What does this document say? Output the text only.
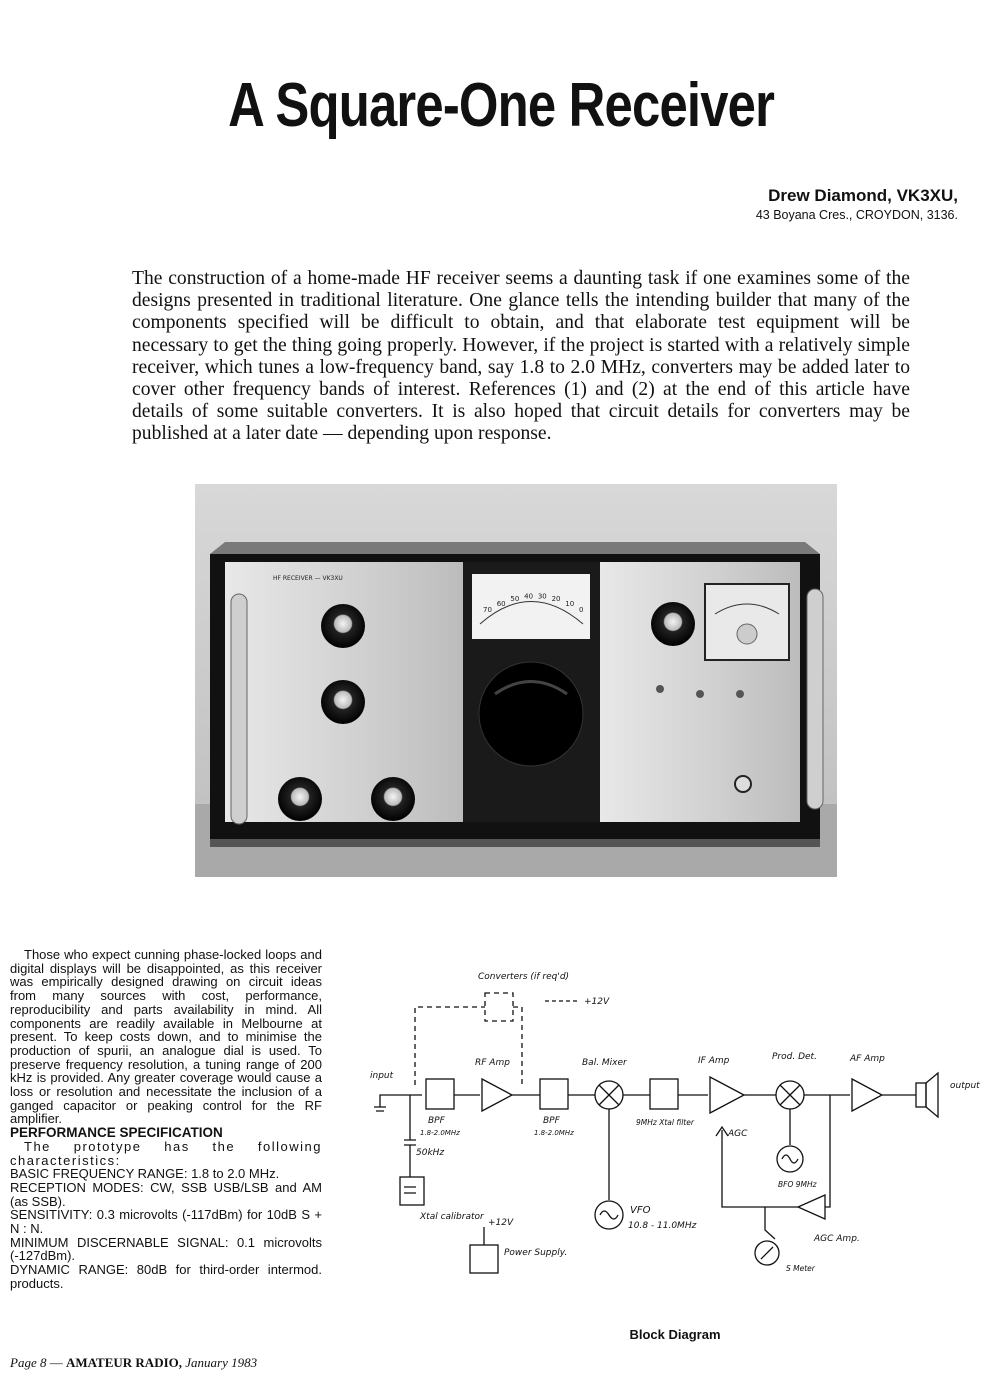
A Square-One Receiver
Drew Diamond, VK3XU,
43 Boyana Cres., CROYDON, 3136.
The construction of a home-made HF receiver seems a daunting task if one examines some of the designs presented in traditional literature. One glance tells the intending builder that many of the components specified will be difficult to obtain, and that elaborate test equipment will be necessary to get the thing going properly. However, if the project is started with a relatively simple receiver, which tunes a low-frequency band, say 1.8 to 2.0 MHz, converters may be added later to cover other frequency bands of interest. References (1) and (2) at the end of this article have details of some suitable converters. It is also hoped that circuit details for converters may be published at a later date — depending upon response.
HF RECEIVER — VK3XU
70
60
50 40 30 20
10
0

Those who expect cunning phase-locked loops and digital displays will be disappointed, as this receiver was empirically designed drawing on circuit ideas from many sources with cost, performance, reproducibility and parts availability in mind. All components are readily available in Melbourne at present. To keep costs down, and to minimise the production of spurii, an analogue dial is used. To preserve frequency resolution, a tuning range of 200 kHz is provided. Any greater coverage would cause a loss or resolution and necessitate the inclusion of a ganged capacitor or peaking control for the RF amplifier.

PERFORMANCE SPECIFICATION

The prototype has the following characteristics:

BASIC FREQUENCY RANGE: 1.8 to 2.0 MHz.

RECEPTION MODES: CW, SSB USB/LSB and AM (as SSB).

SENSITIVITY: 0.3 microvolts (-117dBm) for 10dB S + N : N.

MINIMUM DISCERNABLE SIGNAL: 0.1 microvolts (-127dBm).

DYNAMIC RANGE: 80dB for third-order intermod. products.

Converters (if req'd)
+12V
input
RF Amp	Bal. Mixer	IF Amp	Prod. Det.	AF Amp
output
BPF
1.8-2.0MHz
BPF
1.8-2.0MHz
9MHz Xtal filter
AGC
BFO 9MHz
50kHz
Xtal calibrator
VFO
10.8 - 11.0MHz
AGC Amp.
S Meter
+12V
Power Supply.
Block Diagram
Page 8 — AMATEUR RADIO, January 1983
